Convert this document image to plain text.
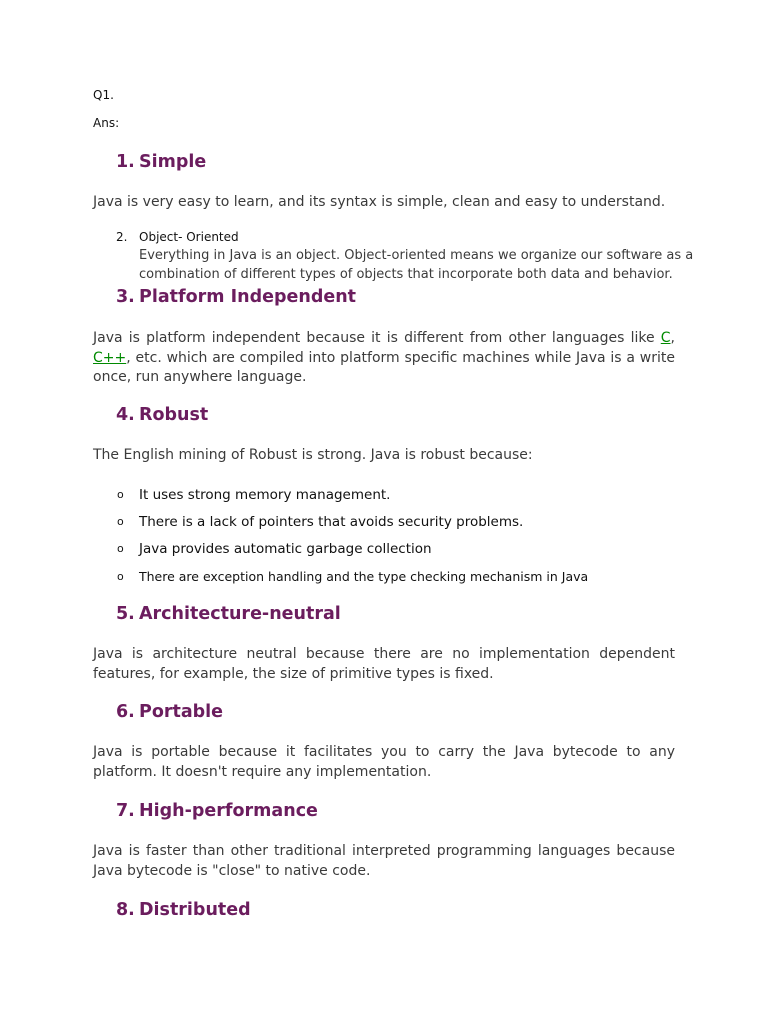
Q1.
Ans:
1. Simple
Java is very easy to learn, and its syntax is simple, clean and easy to understand.
2. Object- Oriented
Everything in Java is an object. Object-oriented means we organize our software as a
combination of different types of objects that incorporate both data and behavior.
3. Platform Independent
Java is platform independent because it is different from other languages like C, C++, etc. which are compiled into platform specific machines while Java is a write once, run anywhere language.
4. Robust
The English mining of Robust is strong. Java is robust because:
o It uses strong memory management.
o There is a lack of pointers that avoids security problems.
o Java provides automatic garbage collection
o There are exception handling and the type checking mechanism in Java
5. Architecture-neutral
Java is architecture neutral because there are no implementation dependent features, for example, the size of primitive types is fixed.
6. Portable
Java is portable because it facilitates you to carry the Java bytecode to any platform. It doesn't require any implementation.
7. High-performance
Java is faster than other traditional interpreted programming languages because Java bytecode is "close" to native code.
8. Distributed
